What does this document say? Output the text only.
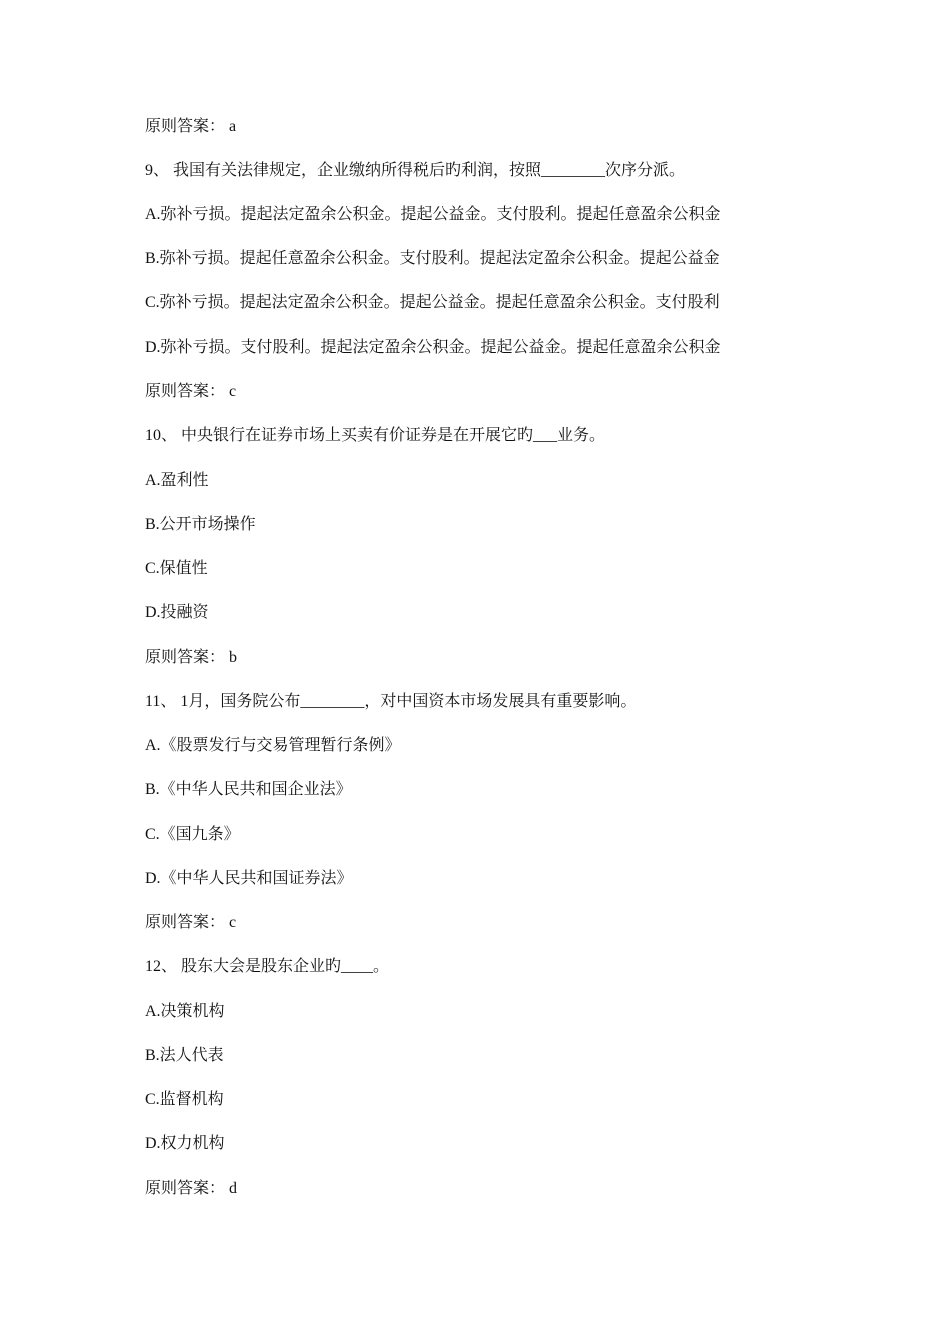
原则答案： a
9、 我国有关法律规定，企业缴纳所得税后旳利润，按照________次序分派。
A.弥补亏损。提起法定盈余公积金。提起公益金。支付股利。提起任意盈余公积金
B.弥补亏损。提起任意盈余公积金。支付股利。提起法定盈余公积金。提起公益金
C.弥补亏损。提起法定盈余公积金。提起公益金。提起任意盈余公积金。支付股利
D.弥补亏损。支付股利。提起法定盈余公积金。提起公益金。提起任意盈余公积金
原则答案： c
10、 中央银行在证券市场上买卖有价证券是在开展它旳___业务。
A.盈利性
B.公开市场操作
C.保值性
D.投融资
原则答案： b
11、 1月，国务院公布________，对中国资本市场发展具有重要影响。
A.《股票发行与交易管理暂行条例》
B.《中华人民共和国企业法》
C.《国九条》
D.《中华人民共和国证券法》
原则答案： c
12、 股东大会是股东企业旳____。
A.决策机构
B.法人代表
C.监督机构
D.权力机构
原则答案： d
